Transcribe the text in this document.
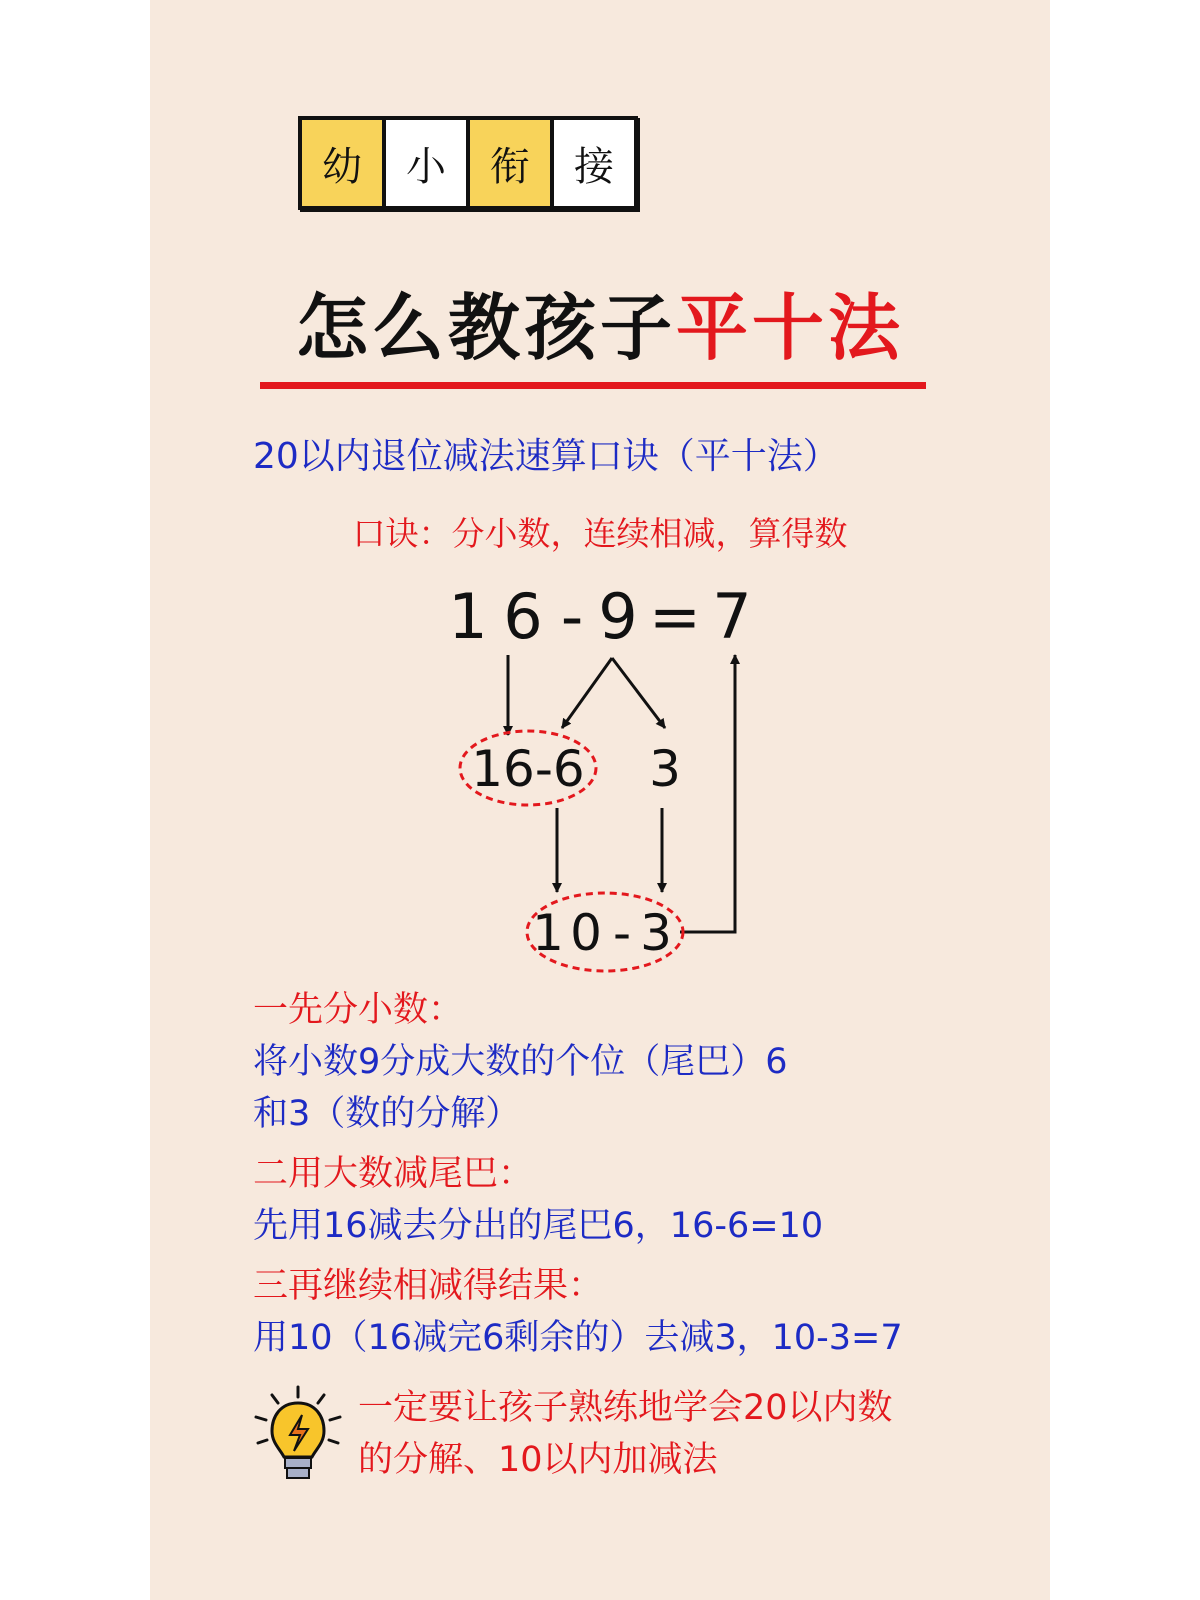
幼	小	衔	接
怎么教孩子平十法
20以内退位减法速算口诀（平十法）
口诀：分小数，连续相减，算得数
1 6 - 9 = 7
16-6 3
1 0 - 3
一先分小数：
将小数9分成大数的个位（尾巴）6
和3（数的分解）
二用大数减尾巴：
先用16减去分出的尾巴6，16-6=10
三再继续相减得结果：
用10（16减完6剩余的）去减3，10-3=7
一定要让孩子熟练地学会20以内数
的分解、10以内加减法
